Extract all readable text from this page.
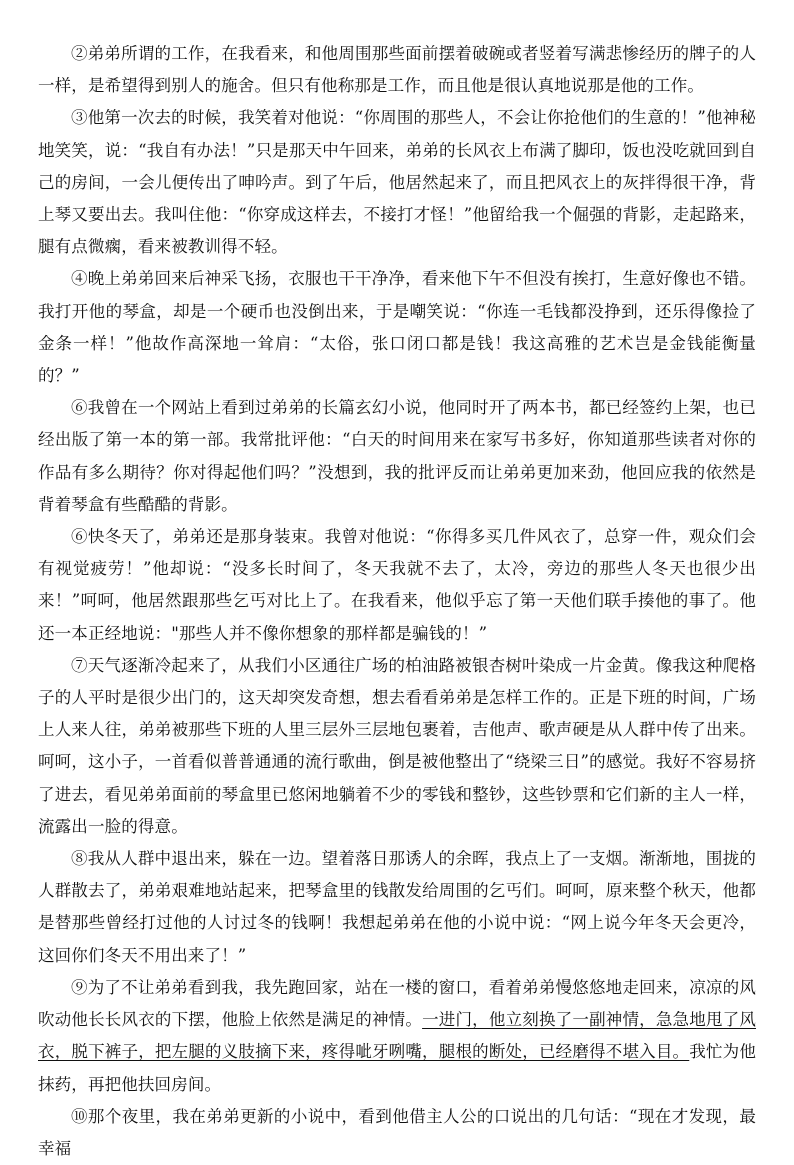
②弟弟所谓的工作，在我看来，和他周围那些面前摆着破碗或者竖着写满悲惨经历的牌子的人一样，是希望得到别人的施舍。但只有他称那是工作，而且他是很认真地说那是他的工作。

③他第一次去的时候，我笑着对他说：“你周围的那些人，不会让你抢他们的生意的！”他神秘地笑笑，说：“我自有办法！”只是那天中午回来，弟弟的长风衣上布满了脚印，饭也没吃就回到自己的房间，一会儿便传出了呻吟声。到了午后，他居然起来了，而且把风衣上的灰拌得很干净，背上琴又要出去。我叫住他：“你穿成这样去，不接打才怪！”他留给我一个倔强的背影，走起路来，腿有点微瘸，看来被教训得不轻。

④晚上弟弟回来后神采飞扬，衣服也干干净净，看来他下午不但没有挨打，生意好像也不错。我打开他的琴盒，却是一个硬币也没倒出来，于是嘲笑说：“你连一毛钱都没挣到，还乐得像捡了金条一样！”他故作高深地一耸肩：“太俗，张口闭口都是钱！我这高雅的艺术岂是金钱能衡量的？”

⑥我曾在一个网站上看到过弟弟的长篇玄幻小说，他同时开了两本书，都已经签约上架，也已经出版了第一本的第一部。我常批评他：“白天的时间用来在家写书多好，你知道那些读者对你的作品有多么期待？你对得起他们吗？”没想到，我的批评反而让弟弟更加来劲，他回应我的依然是背着琴盒有些酷酷的背影。

⑥快冬天了，弟弟还是那身装束。我曾对他说：“你得多买几件风衣了，总穿一件，观众们会有视觉疲劳！”他却说：“没多长时间了，冬天我就不去了，太冷，旁边的那些人冬天也很少出来！”呵呵，他居然跟那些乞丐对比上了。在我看来，他似乎忘了第一天他们联手揍他的事了。他还一本正经地说："那些人并不像你想象的那样都是骗钱的！”

⑦天气逐渐冷起来了，从我们小区通往广场的柏油路被银杏树叶染成一片金黄。像我这种爬格子的人平时是很少出门的，这天却突发奇想，想去看看弟弟是怎样工作的。正是下班的时间，广场上人来人往，弟弟被那些下班的人里三层外三层地包裹着，吉他声、歌声硬是从人群中传了出来。呵呵，这小子，一首看似普普通通的流行歌曲，倒是被他整出了“绕梁三日”的感觉。我好不容易挤了进去，看见弟弟面前的琴盒里已悠闲地躺着不少的零钱和整钞，这些钞票和它们新的主人一样，流露出一脸的得意。

⑧我从人群中退出来，躲在一边。望着落日那诱人的余晖，我点上了一支烟。渐渐地，围拢的人群散去了，弟弟艰难地站起来，把琴盒里的钱散发给周围的乞丐们。呵呵，原来整个秋天，他都是替那些曾经打过他的人讨过冬的钱啊！我想起弟弟在他的小说中说：“网上说今年冬天会更冷，这回你们冬天不用出来了！”

⑨为了不让弟弟看到我，我先跑回家，站在一楼的窗口，看着弟弟慢悠悠地走回来，凉凉的风吹动他长长风衣的下摆，他脸上依然是满足的神情。一进门，他立刻换了一副神情，急急地甩了风衣，脱下裤子，把左腿的义肢摘下来，疼得呲牙咧嘴，腿根的断处，已经磨得不堪入目。我忙为他抹药，再把他扶回房间。

⑩那个夜里，我在弟弟更新的小说中，看到他借主人公的口说出的几句话：“现在才发现，最幸福
